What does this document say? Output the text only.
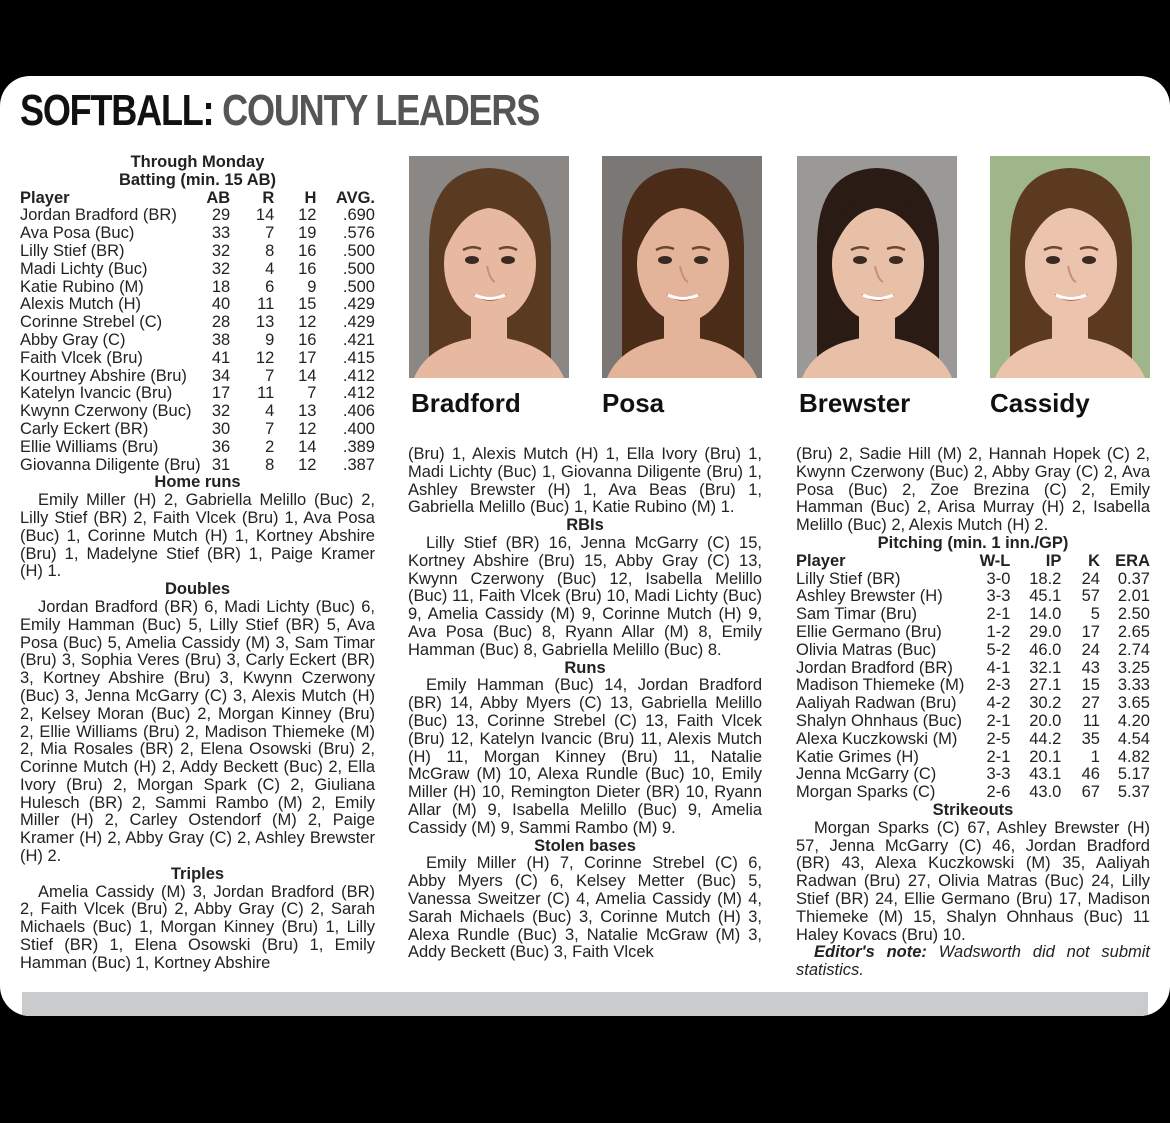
SOFTBALL: COUNTY LEADERS

Through Monday

Batting (min. 15 AB)

Player	AB	R	H	AVG.
Jordan Bradford (BR)	29	14	12	.690
Ava Posa (Buc)	33	7	19	.576
Lilly Stief (BR)	32	8	16	.500
Madi Lichty (Buc)	32	4	16	.500
Katie Rubino (M)	18	6	9	.500
Alexis Mutch (H)	40	11	15	.429
Corinne Strebel (C)	28	13	12	.429
Abby Gray (C)	38	9	16	.421
Faith Vlcek (Bru)	41	12	17	.415
Kourtney Abshire (Bru)	34	7	14	.412
Katelyn Ivancic (Bru)	17	11	7	.412
Kwynn Czerwony (Buc)	32	4	13	.406
Carly Eckert (BR)	30	7	12	.400
Ellie Williams (Bru)	36	2	14	.389
Giovanna Diligente (Bru)	31	8	12	.387

Home runs

Emily Miller (H) 2, Gabriella Melillo (Buc) 2, Lilly Stief (BR) 2, Faith Vlcek (Bru) 1, Ava Posa (Buc) 1, Corinne Mutch (H) 1, Kortney Abshire (Bru) 1, Madelyne Stief (BR) 1, Paige Kramer (H) 1.

Doubles

Jordan Bradford (BR) 6, Madi Lichty (Buc) 6, Emily Hamman (Buc) 5, Lilly Stief (BR) 5, Ava Posa (Buc) 5, Amelia Cassidy (M) 3, Sam Timar (Bru) 3, Sophia Veres (Bru) 3, Carly Eckert (BR) 3, Kortney Abshire (Bru) 3, Kwynn Czerwony (Buc) 3, Jenna McGarry (C) 3, Alexis Mutch (H) 2, Kelsey Moran (Buc) 2, Morgan Kinney (Bru) 2, Ellie Williams (Bru) 2, Madison Thiemeke (M) 2, Mia Rosales (BR) 2, Elena Osowski (Bru) 2, Corinne Mutch (H) 2, Addy Beckett (Buc) 2, Ella Ivory (Bru) 2, Morgan Spark (C) 2, Giuliana Hulesch (BR) 2, Sammi Rambo (M) 2, Emily Miller (H) 2, Carley Ostendorf (M) 2, Paige Kramer (H) 2, Abby Gray (C) 2, Ashley Brewster (H) 2.

Triples

Amelia Cassidy (M) 3, Jordan Bradford (BR) 2, Faith Vlcek (Bru) 2, Abby Gray (C) 2, Sarah Michaels (Buc) 1, Morgan Kinney (Bru) 1, Lilly Stief (BR) 1, Elena Osowski (Bru) 1, Emily Hamman (Buc) 1, Kortney Abshire

Bradford	Posa	Brewster	Cassidy

(Bru) 1, Alexis Mutch (H) 1, Ella Ivory (Bru) 1, Madi Lichty (Buc) 1, Giovanna Diligente (Bru) 1, Ashley Brewster (H) 1, Ava Beas (Bru) 1, Gabriella Melillo (Buc) 1, Katie Rubino (M) 1.

RBIs

Lilly Stief (BR) 16, Jenna McGarry (C) 15, Kortney Abshire (Bru) 15, Abby Gray (C) 13, Kwynn Czerwony (Buc) 12, Isabella Melillo (Buc) 11, Faith Vlcek (Bru) 10, Madi Lichty (Buc) 9, Amelia Cassidy (M) 9, Corinne Mutch (H) 9, Ava Posa (Buc) 8, Ryann Allar (M) 8, Emily Hamman (Buc) 8, Gabriella Melillo (Buc) 8.

Runs

Emily Hamman (Buc) 14, Jordan Bradford (BR) 14, Abby Myers (C) 13, Gabriella Melillo (Buc) 13, Corinne Strebel (C) 13, Faith Vlcek (Bru) 12, Katelyn Ivancic (Bru) 11, Alexis Mutch (H) 11, Morgan Kinney (Bru) 11, Natalie McGraw (M) 10, Alexa Rundle (Buc) 10, Emily Miller (H) 10, Remington Dieter (BR) 10, Ryann Allar (M) 9, Isabella Melillo (Buc) 9, Amelia Cassidy (M) 9, Sammi Rambo (M) 9.

Stolen bases

Emily Miller (H) 7, Corinne Strebel (C) 6, Abby Myers (C) 6, Kelsey Metter (Buc) 5, Vanessa Sweitzer (C) 4, Amelia Cassidy (M) 4, Sarah Michaels (Buc) 3, Corinne Mutch (H) 3, Alexa Rundle (Buc) 3, Natalie McGraw (M) 3, Addy Beckett (Buc) 3, Faith Vlcek

(Bru) 2, Sadie Hill (M) 2, Hannah Hopek (C) 2, Kwynn Czerwony (Buc) 2, Abby Gray (C) 2, Ava Posa (Buc) 2, Zoe Brezina (C) 2, Emily Hamman (Buc) 2, Arisa Murray (H) 2, Isabella Melillo (Buc) 2, Alexis Mutch (H) 2.

Pitching (min. 1 inn./GP)

Player	W-L	IP	K	ERA
Lilly Stief (BR)	3-0	18.2	24	0.37
Ashley Brewster (H)	3-3	45.1	57	2.01
Sam Timar (Bru)	2-1	14.0	5	2.50
Ellie Germano (Bru)	1-2	29.0	17	2.65
Olivia Matras (Buc)	5-2	46.0	24	2.74
Jordan Bradford (BR)	4-1	32.1	43	3.25
Madison Thiemeke (M)	2-3	27.1	15	3.33
Aaliyah Radwan (Bru)	4-2	30.2	27	3.65
Shalyn Ohnhaus (Buc)	2-1	20.0	11	4.20
Alexa Kuczkowski (M)	2-5	44.2	35	4.54
Katie Grimes (H)	2-1	20.1	1	4.82
Jenna McGarry (C)	3-3	43.1	46	5.17
Morgan Sparks (C)	2-6	43.0	67	5.37

Strikeouts

Morgan Sparks (C) 67, Ashley Brewster (H) 57, Jenna McGarry (C) 46, Jordan Bradford (BR) 43, Alexa Kuczkowski (M) 35, Aaliyah Radwan (Bru) 27, Olivia Matras (Buc) 24, Lilly Stief (BR) 24, Ellie Germano (Bru) 17, Madison Thiemeke (M) 15, Shalyn Ohnhaus (Buc) 11 Haley Kovacs (Bru) 10.

Editor's note: Wadsworth did not submit statistics.
